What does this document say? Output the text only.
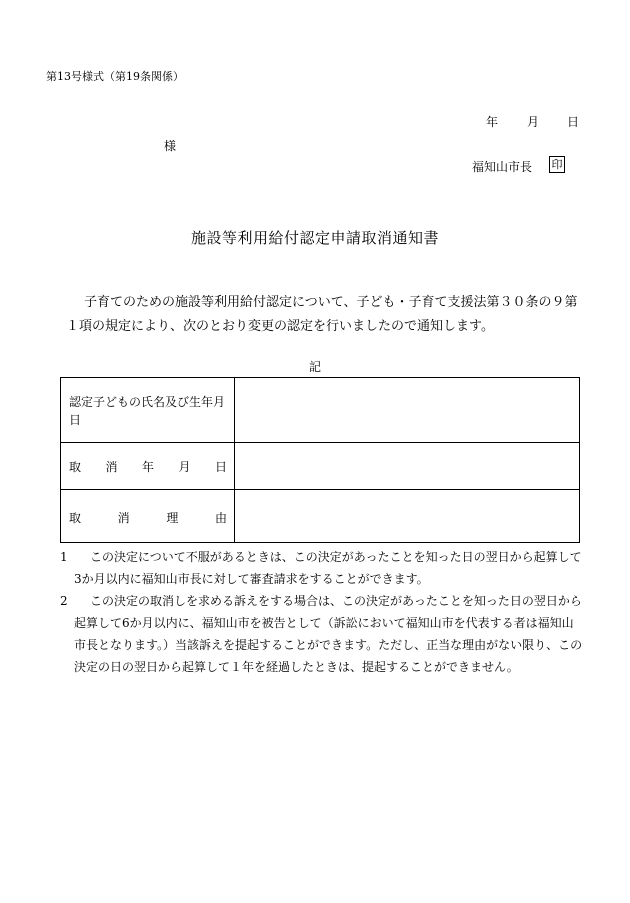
第13号様式（第19条関係）
年 月 日
様
福知山市長 印
施設等利用給付認定申請取消通知書
子育てのための施設等利用給付認定について、子ども・子育て支援法第３０条の９第１項の規定により、次のとおり変更の認定を行いましたので通知します。
記
認定子どもの氏名及び生年月日
取 消 年 月 日
取	消	理	由
1	この決定について不服があるときは、この決定があったことを知った日の翌日から起算して3か月以内に福知山市長に対して審査請求をすることができます。
2	この決定の取消しを求める訴えをする場合は、この決定があったことを知った日の翌日から起算して6か月以内に、福知山市を被告として（訴訟において福知山市を代表する者は福知山市長となります。）当該訴えを提起することができます。ただし、正当な理由がない限り、この決定の日の翌日から起算して１年を経過したときは、提起することができません。
